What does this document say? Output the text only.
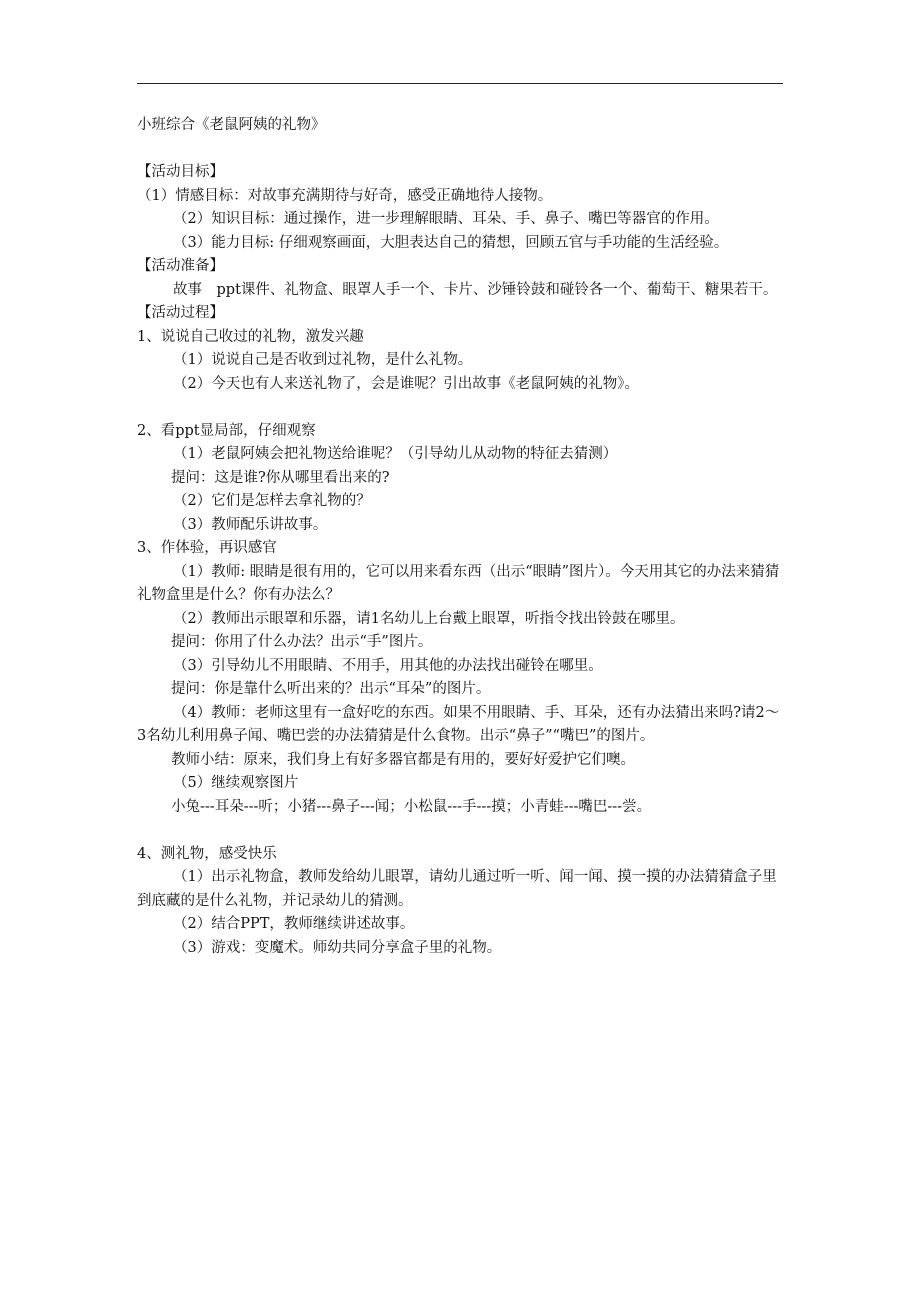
小班综合《老鼠阿姨的礼物》
【活动目标】
（1）情感目标：对故事充满期待与好奇，感受正确地待人接物。
（2）知识目标：通过操作，进一步理解眼睛、耳朵、手、鼻子、嘴巴等器官的作用。
（3）能力目标: 仔细观察画面，大胆表达自己的猜想，回顾五官与手功能的生活经验。
【活动准备】
故事　ppt课件、礼物盒、眼罩人手一个、卡片、沙锤铃鼓和碰铃各一个、葡萄干、糖果若干。
【活动过程】
1、说说自己收过的礼物，激发兴趣
（1）说说自己是否收到过礼物，是什么礼物。
（2）今天也有人来送礼物了，会是谁呢？引出故事《老鼠阿姨的礼物》。
2、看ppt显局部，仔细观察
（1）老鼠阿姨会把礼物送给谁呢？（引导幼儿从动物的特征去猜测）
提问：这是谁?你从哪里看出来的?
（2）它们是怎样去拿礼物的？
（3）教师配乐讲故事。
3、作体验，再识感官
（1）教师: 眼睛是很有用的，它可以用来看东西（出示“眼睛”图片）。今天用其它的办法来猜猜礼物盒里是什么？你有办法么？
（2）教师出示眼罩和乐器，请1名幼儿上台戴上眼罩，听指令找出铃鼓在哪里。
提问：你用了什么办法？出示“手”图片。
（3）引导幼儿不用眼睛、不用手，用其他的办法找出碰铃在哪里。
提问：你是靠什么听出来的？出示“耳朵”的图片。
（4）教师：老师这里有一盒好吃的东西。如果不用眼睛、手、耳朵，还有办法猜出来吗?请2～3名幼儿利用鼻子闻、嘴巴尝的办法猜猜是什么食物。出示“鼻子”“嘴巴”的图片。
教师小结：原来，我们身上有好多器官都是有用的，要好好爱护它们噢。
（5）继续观察图片
小兔---耳朵---听；小猪---鼻子---闻；小松鼠---手---摸；小青蛙---嘴巴---尝。
4、测礼物，感受快乐
（1）出示礼物盒，教师发给幼儿眼罩，请幼儿通过听一听、闻一闻、摸一摸的办法猜猜盒子里到底藏的是什么礼物，并记录幼儿的猜测。
（2）结合PPT，教师继续讲述故事。
（3）游戏：变魔术。师幼共同分享盒子里的礼物。
